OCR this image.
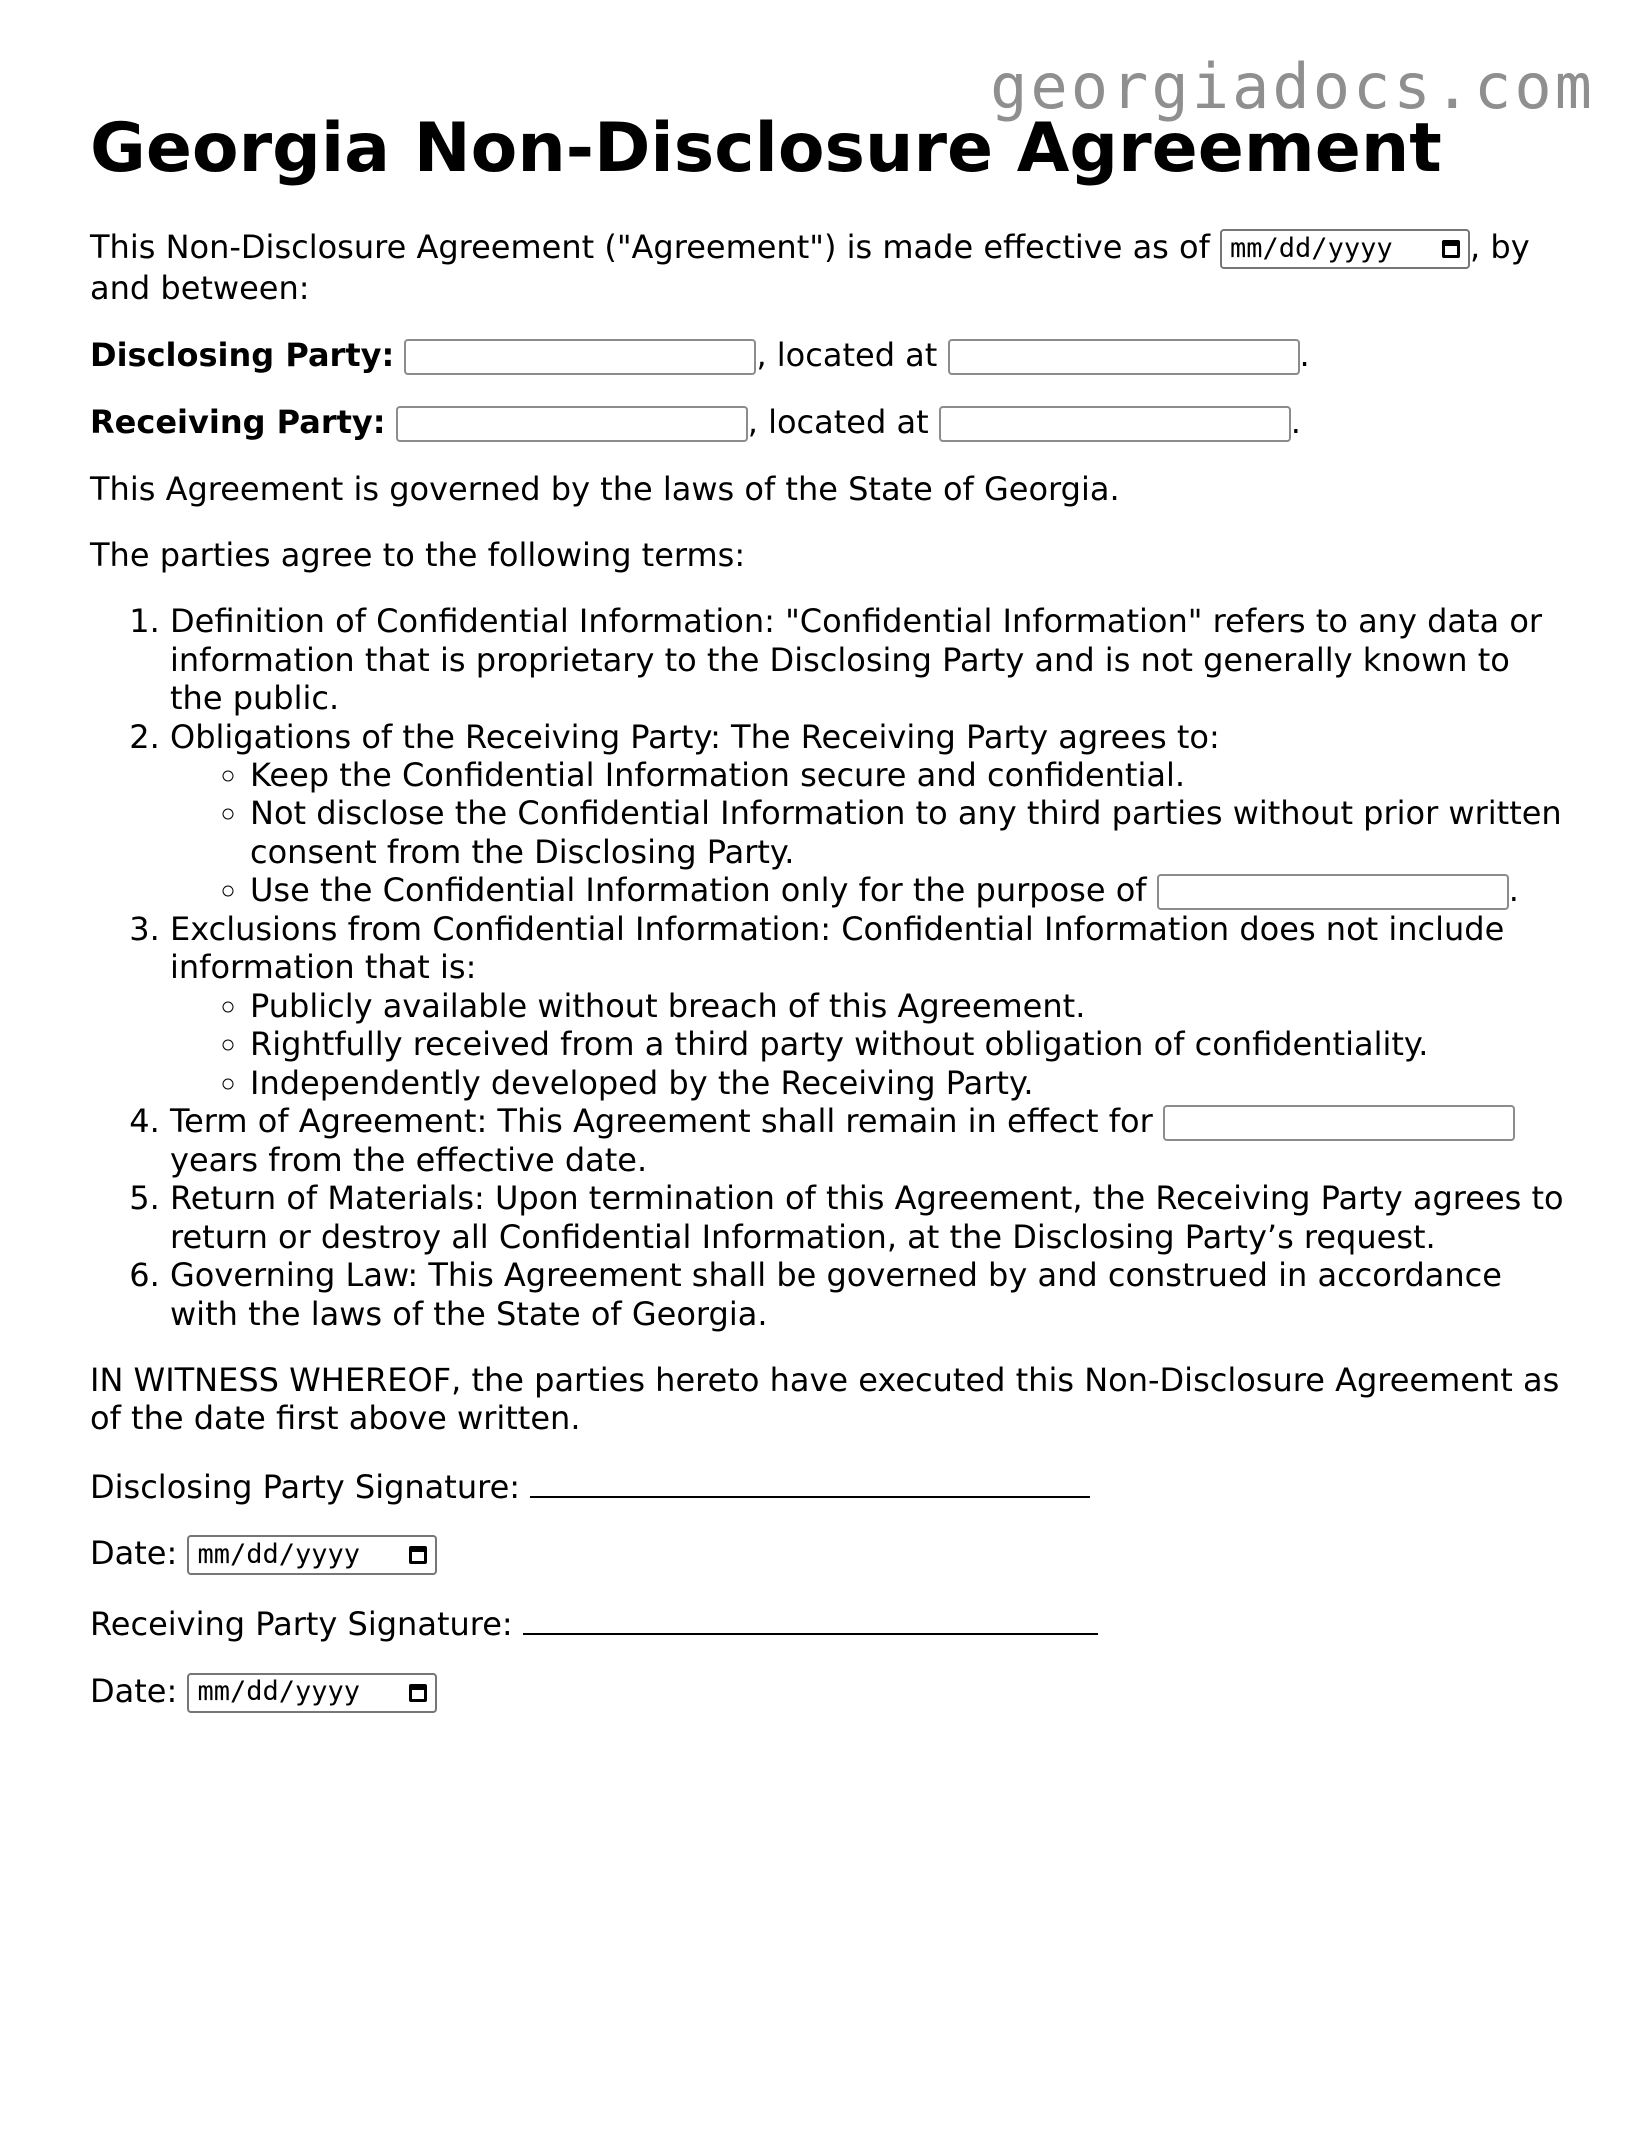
georgiadocs.com
Georgia Non-Disclosure Agreement

This Non-Disclosure Agreement ("Agreement") is made effective as of mm/dd/yyyy , by and between:

Disclosing Party:	, located at	.

Receiving Party:	, located at	.

This Agreement is governed by the laws of the State of Georgia.

The parties agree to the following terms:

1. Definition of Confidential Information: "Confidential Information" refers to any data or information that is proprietary to the Disclosing Party and is not generally known to the public.
2. Obligations of the Receiving Party: The Receiving Party agrees to:
◦ Keep the Confidential Information secure and confidential.
◦ Not disclose the Confidential Information to any third parties without prior written consent from the Disclosing Party.
◦ Use the Confidential Information only for the purpose of	.
3. Exclusions from Confidential Information: Confidential Information does not include information that is:
◦ Publicly available without breach of this Agreement.
◦ Rightfully received from a third party without obligation of confidentiality.
◦ Independently developed by the Receiving Party.
4. Term of Agreement: This Agreement shall remain in effect for  years from the effective date.
5. Return of Materials: Upon termination of this Agreement, the Receiving Party agrees to return or destroy all Confidential Information, at the Disclosing Party’s request.
6. Governing Law: This Agreement shall be governed by and construed in accordance with the laws of the State of Georgia.

IN WITNESS WHEREOF, the parties hereto have executed this Non-Disclosure Agreement as of the date first above written.

Disclosing Party Signature:

Date: mm/dd/yyyy

Receiving Party Signature:

Date: mm/dd/yyyy
